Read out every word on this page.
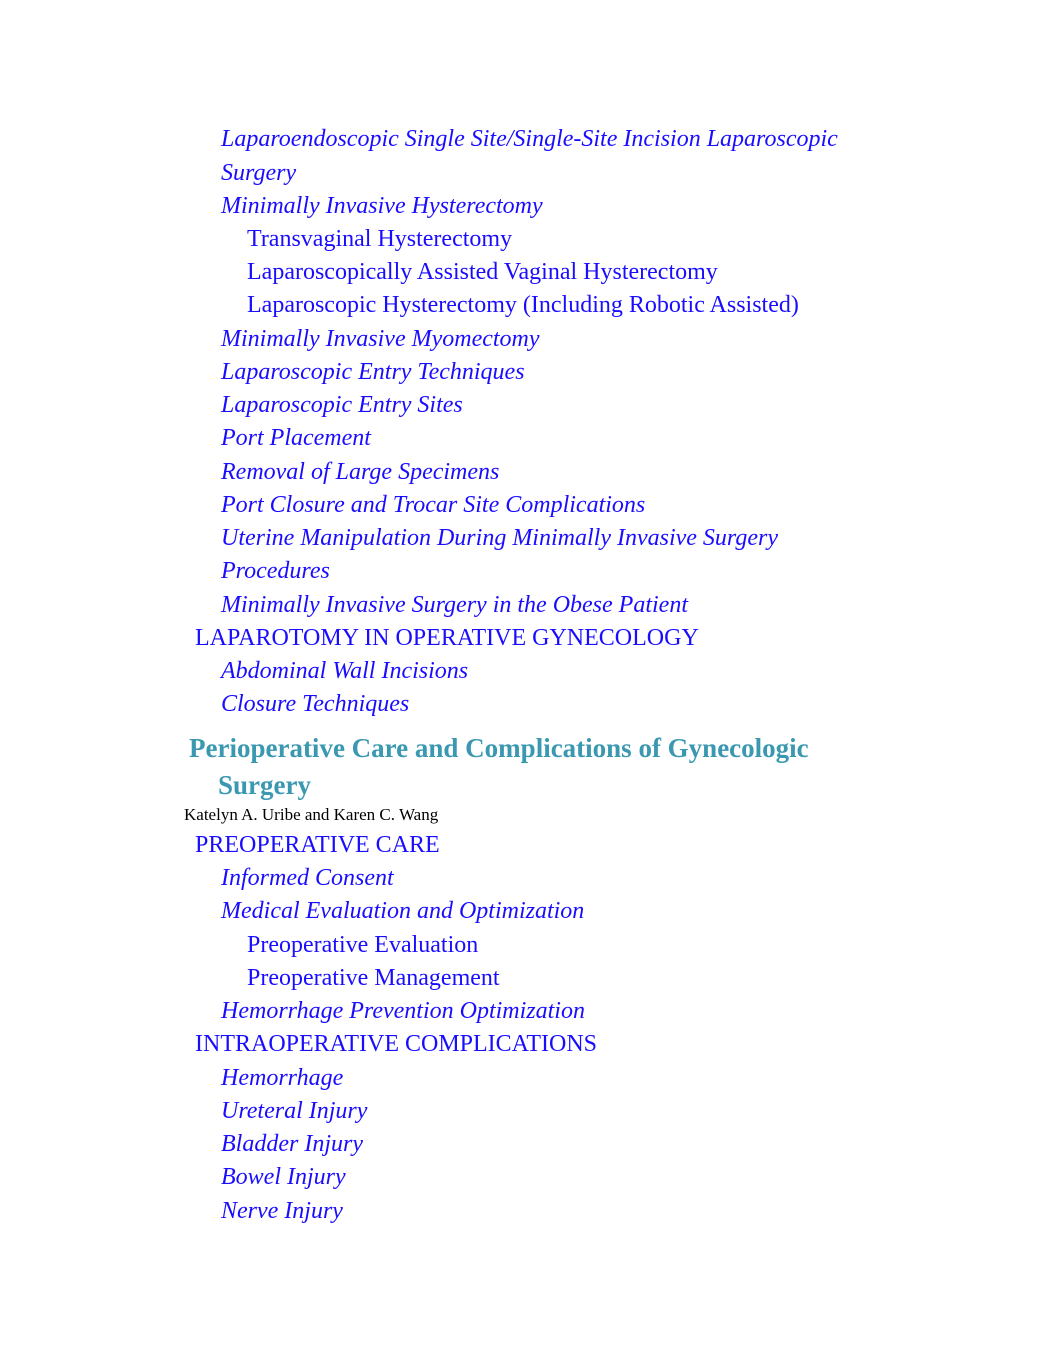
Laparoendoscopic Single Site/Single-Site Incision Laparoscopic
Surgery
Minimally Invasive Hysterectomy
Transvaginal Hysterectomy
Laparoscopically Assisted Vaginal Hysterectomy
Laparoscopic Hysterectomy (Including Robotic Assisted)
Minimally Invasive Myomectomy
Laparoscopic Entry Techniques
Laparoscopic Entry Sites
Port Placement
Removal of Large Specimens
Port Closure and Trocar Site Complications
Uterine Manipulation During Minimally Invasive Surgery
Procedures
Minimally Invasive Surgery in the Obese Patient
LAPAROTOMY IN OPERATIVE GYNECOLOGY
Abdominal Wall Incisions
Closure Techniques
Perioperative Care and Complications of Gynecologic
Surgery
Katelyn A. Uribe and Karen C. Wang
PREOPERATIVE CARE
Informed Consent
Medical Evaluation and Optimization
Preoperative Evaluation
Preoperative Management
Hemorrhage Prevention Optimization
INTRAOPERATIVE COMPLICATIONS
Hemorrhage
Ureteral Injury
Bladder Injury
Bowel Injury
Nerve Injury
